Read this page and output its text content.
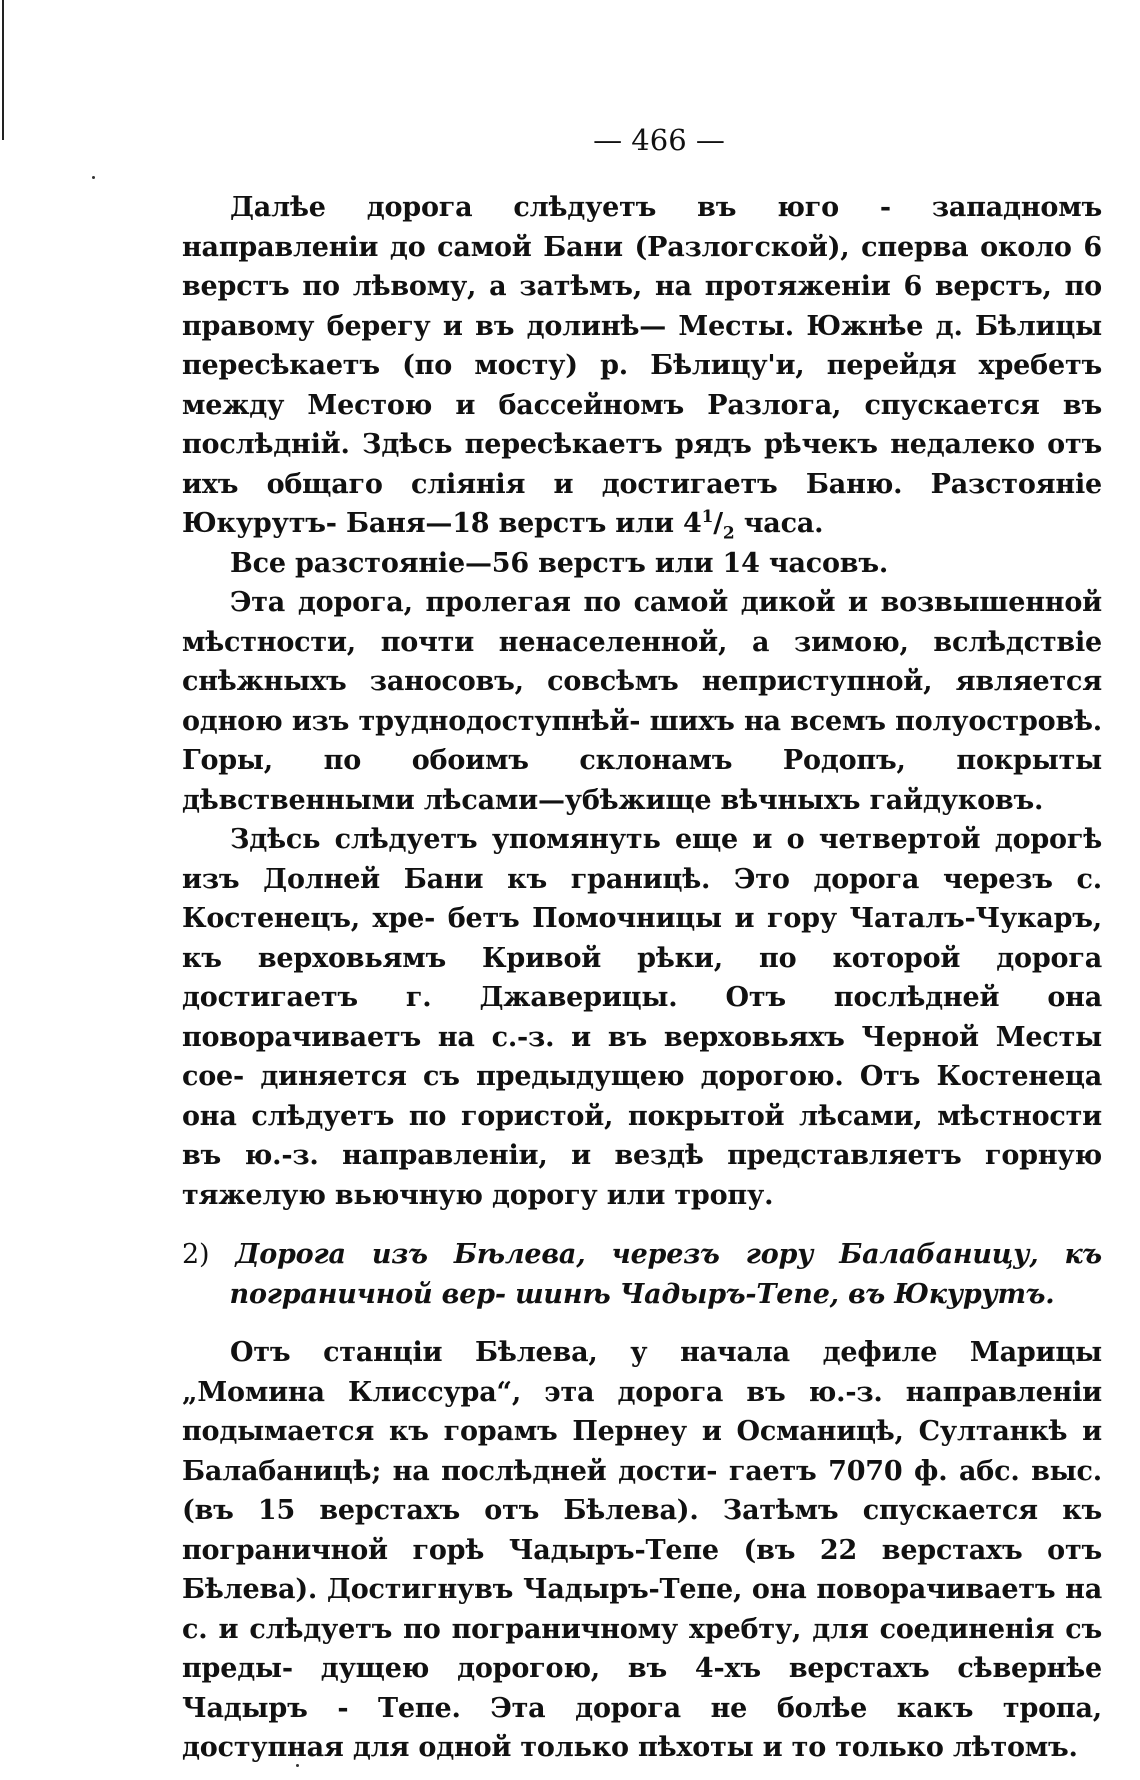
— 466 —

Далѣе дорога слѣдуетъ въ юго - западномъ направленіи до самой Бани (Разлогской), сперва около 6 верстъ по лѣвому, а затѣмъ, на протяженіи 6 верстъ, по правому берегу и въ долинѣ— Месты. Южнѣе д. Бѣлицы пересѣкаетъ (по мосту) р. Бѣлицу'и, перейдя хребетъ между Местою и бассейномъ Разлога, спускается въ послѣдній. Здѣсь пересѣкаетъ рядъ рѣчекъ недалеко отъ ихъ общаго сліянія и достигаетъ Баню. Разстояніе Юкурутъ- Баня—18 верстъ или $4^1/_2$ часа.

Все разстояніе—56 верстъ или 14 часовъ.

Эта дорога, пролегая по самой дикой и возвышенной мѣстности, почти ненаселенной, а зимою, вслѣдствіе снѣжныхъ заносовъ, совсѣмъ неприступной, является одною изъ труднодоступнѣй- шихъ на всемъ полуостровѣ. Горы, по обоимъ склонамъ Родопъ, покрыты дѣвственными лѣсами—убѣжище вѣчныхъ гайдуковъ.

Здѣсь слѣдуетъ упомянуть еще и о четвертой дорогѣ изъ Долней Бани къ границѣ. Это дорога черезъ с. Костенецъ, хре- бетъ Помочницы и гору Чаталъ-Чукаръ, къ верховьямъ Кривой рѣки, по которой дорога достигаетъ г. Джаверицы. Отъ послѣдней она поворачиваетъ на с.-з. и въ верховьяхъ Черной Месты сое- диняется съ предыдущею дорогою. Отъ Костенеца она слѣдуетъ по гористой, покрытой лѣсами, мѣстности въ ю.-з. направленіи, и вездѣ представляетъ горную тяжелую вьючную дорогу или тропу.

2) Дорога изъ Бѣлева, черезъ гору Балабаницу, къ пограничной вер- шинѣ Чадыръ-Тепе, въ Юкурутъ.

Отъ станціи Бѣлева, у начала дефиле Марицы „Момина Клиссура“, эта дорога въ ю.-з. направленіи подымается къ горамъ Пернеу и Османицѣ, Султанкѣ и Балабаницѣ; на послѣдней дости- гаетъ 7070 ф. абс. выс. (въ 15 верстахъ отъ Бѣлева). Затѣмъ спускается къ пограничной горѣ Чадыръ-Тепе (въ 22 верстахъ отъ Бѣлева). Достигнувъ Чадыръ-Тепе, она поворачиваетъ на с. и слѣдуетъ по пограничному хребту, для соединенія съ преды- дущею дорогою, въ 4-хъ верстахъ сѣвернѣе Чадыръ - Тепе. Эта дорога не болѣе какъ тропа, доступная для одной только пѣхоты и то только лѣтомъ.
